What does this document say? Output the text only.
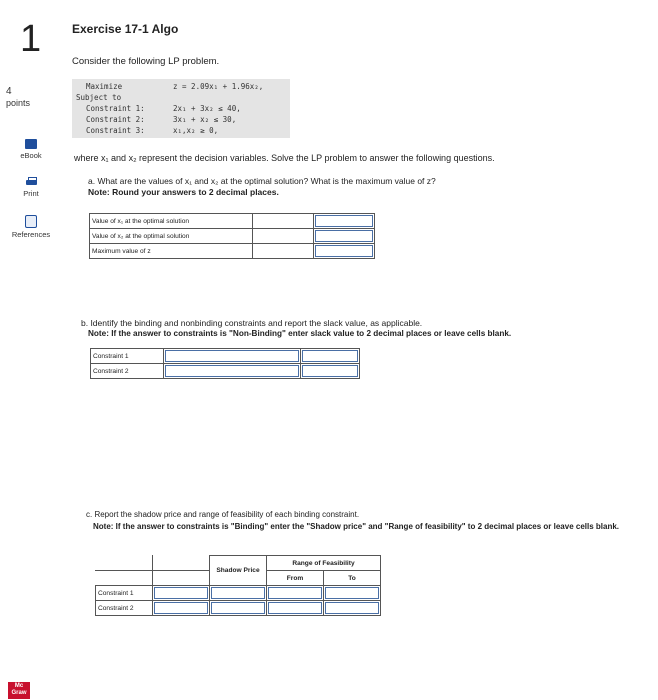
1
4
points
eBook
Print
References
Mc
Graw
Exercise 17-1 Algo
Consider the following LP problem.
Maximize	z = 2.09x₁ + 1.96x₂,
Subject to
Constraint 1:	2x₁ + 3x₂ ≤ 40,
Constraint 2:	3x₁ + x₂ ≤ 30,
Constraint 3:	x₁,x₂ ≥ 0,
where x₁ and x₂ represent the decision variables. Solve the LP problem to answer the following questions.
a. What are the values of x₁ and x₂ at the optimal solution? What is the maximum value of z?
Note: Round your answers to 2 decimal places.
Value of x₁ at the optimal solution		

Value of x₂ at the optimal solution		

Maximum value of z		
b. Identify the binding and nonbinding constraints and report the slack value, as applicable.
Note: If the answer to constraints is "Non-Binding" enter slack value to 2 decimal places or leave cells blank.
Constraint 1	

Constraint 2	

c. Report the shadow price and range of feasibility of each binding constraint.
Note: If the answer to constraints is "Binding" enter the "Shadow price" and "Range of feasibility" to 2 decimal places or leave cells blank.
		Shadow Price	Range of Feasibility	
			From	To
Constraint 1	

Constraint 2	
